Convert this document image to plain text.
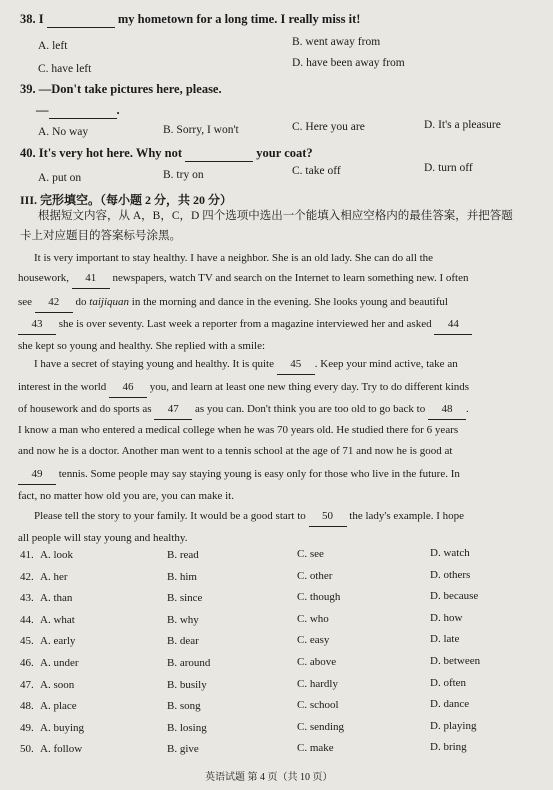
38. I	my hometown for a long time. I really miss it!
A. left	B. went away from
C. have left	D. have been away from
39. —Don't take pictures here, please.
—	.
A. No way	B. Sorry, I won't	C. Here you are	D. It's a pleasure
40. It's very hot here. Why not	your coat?
A. put on	B. try on	C. take off	D. turn off
III. 完形填空。（每小题 2 分，共 20 分）
根据短文内容，从 A，B，C，D 四个选项中选出一个能填入相应空格内的最佳答案，并把答题
卡上对应题目的答案标号涂黑。
It is very important to stay healthy. I have a neighbor. She is an old lady. She can do all the
housework, 41 newspapers, watch TV and search on the Internet to learn something new. I often
see 42 do taijiquan in the morning and dance in the evening. She looks young and beautiful
43 she is over seventy. Last week a reporter from a magazine interviewed her and asked 44
she kept so young and healthy. She replied with a smile:
I have a secret of staying young and healthy. It is quite 45 . Keep your mind active, take an
interest in the world 46 you, and learn at least one new thing every day. Try to do different kinds
of housework and do sports as 47 as you can. Don't think you are too old to go back to 48 .
I know a man who entered a medical college when he was 70 years old. He studied there for 6 years
and now he is a doctor. Another man went to a tennis school at the age of 71 and now he is good at
49 tennis. Some people may say staying young is easy only for those who live in the future. In
fact, no matter how old you are, you can make it.
Please tell the story to your family. It would be a good start to 50 the lady's example. I hope
all people will stay young and healthy.
41. A. look	B. read	C. see	D. watch
42. A. her	B. him	C. other	D. others
43. A. than	B. since	C. though	D. because
44. A. what	B. why	C. who	D. how
45. A. early	B. dear	C. easy	D. late
46. A. under	B. around	C. above	D. between
47. A. soon	B. busily	C. hardly	D. often
48. A. place	B. song	C. school	D. dance
49. A. buying	B. losing	C. sending	D. playing
50. A. follow	B. give	C. make	D. bring
英语试题 第 4 页（共 10 页）
